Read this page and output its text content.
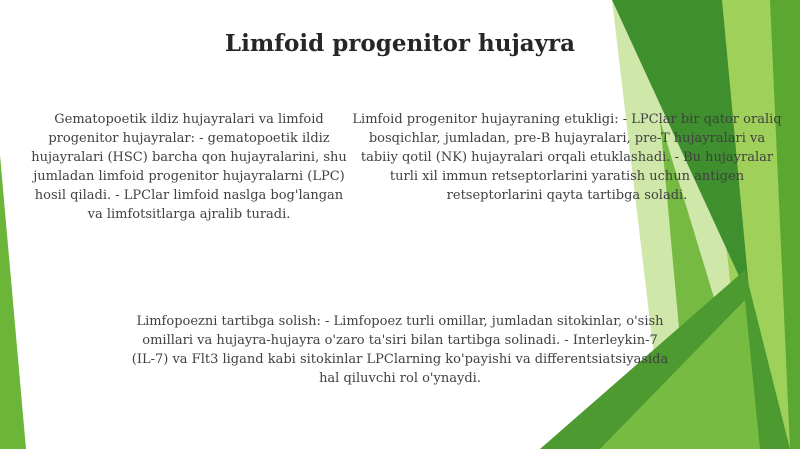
Limfoid progenitor hujayra
Gematopoetik ildiz hujayralari va limfoid progenitor hujayralar: - gematopoetik ildiz hujayralari (HSC) barcha qon hujayralarini, shu jumladan limfoid progenitor hujayralarni (LPC) hosil qiladi. - LPClar limfoid naslga bog'langan va limfotsitlarga ajralib turadi.
Limfoid progenitor hujayraning etukligi: - LPClar bir qator oraliq bosqichlar, jumladan, pre-B hujayralari, pre-T hujayralari va tabiiy qotil (NK) hujayralari orqali etuklashadi. - Bu hujayralar turli xil immun retseptorlarini yaratish uchun antigen retseptorlarini qayta tartibga soladi.
Limfopoezni tartibga solish: - Limfopoez turli omillar, jumladan sitokinlar, o'sish omillari va hujayra-hujayra o'zaro ta'siri bilan tartibga solinadi. - Interleykin-7 (IL-7) va Flt3 ligand kabi sitokinlar LPClarning ko'payishi va differentsiatsiyasida hal qiluvchi rol o'ynaydi.
